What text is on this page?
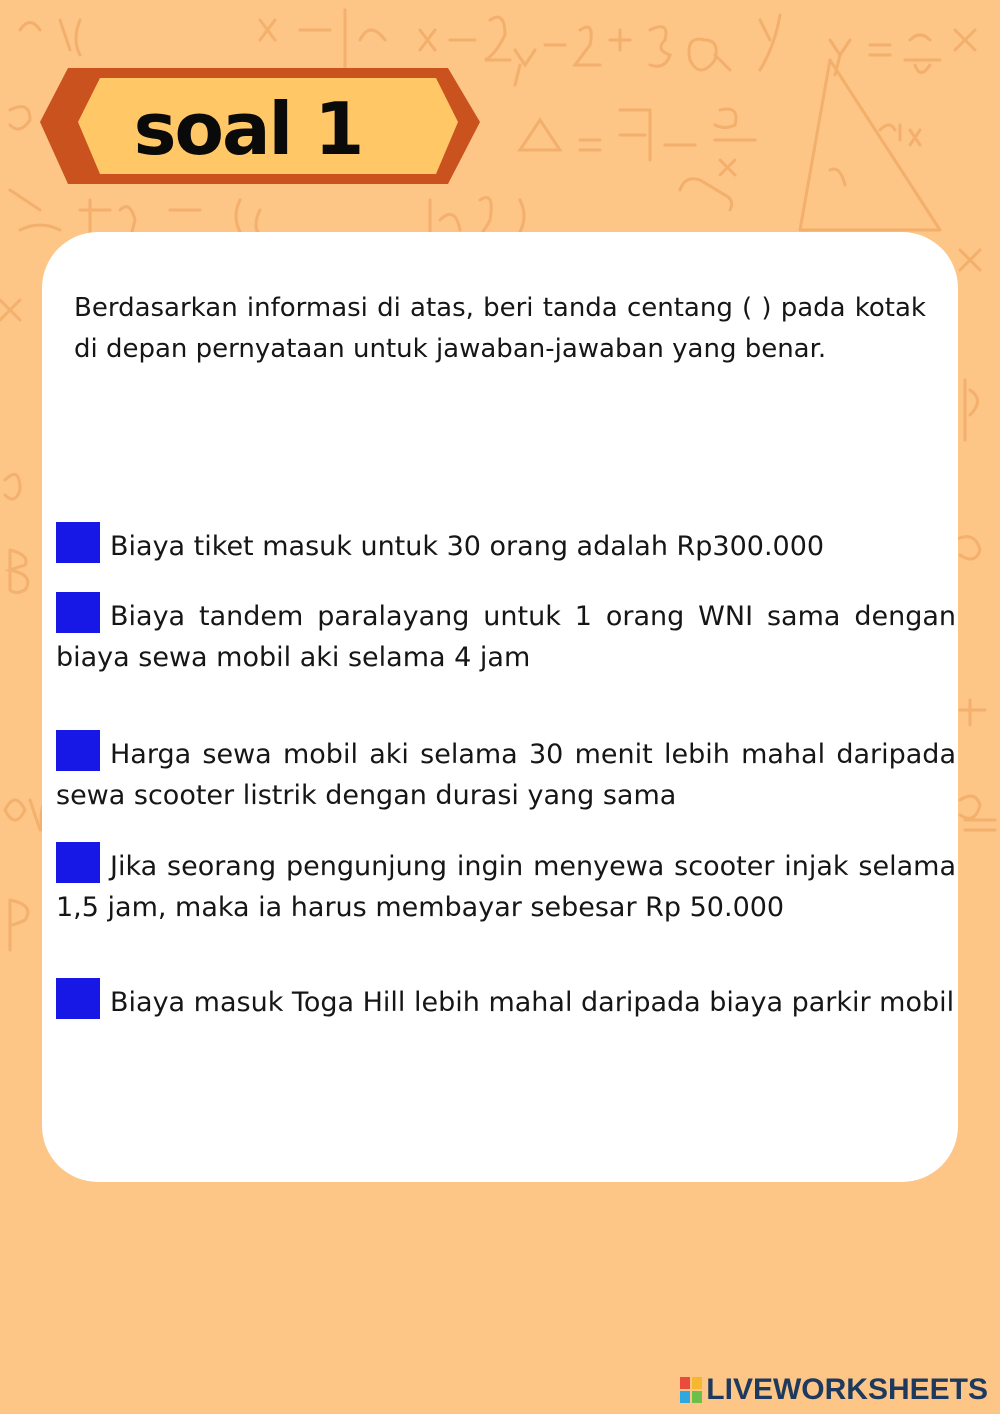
soal 1

Berdasarkan informasi di atas, beri tanda centang ( ) pada kotak di depan pernyataan untuk jawaban-jawaban yang benar.

Biaya tiket masuk untuk 30 orang adalah Rp300.000
Biaya tandem paralayang untuk 1 orang WNI sama dengan biaya sewa mobil aki selama 4 jam
Harga sewa mobil aki selama 30 menit lebih mahal daripada sewa scooter listrik dengan durasi yang sama
Jika seorang pengunjung ingin menyewa scooter injak selama 1,5 jam, maka ia harus membayar sebesar Rp 50.000
Biaya masuk Toga Hill lebih mahal daripada biaya parkir mobil
LIVEWORKSHEETS
